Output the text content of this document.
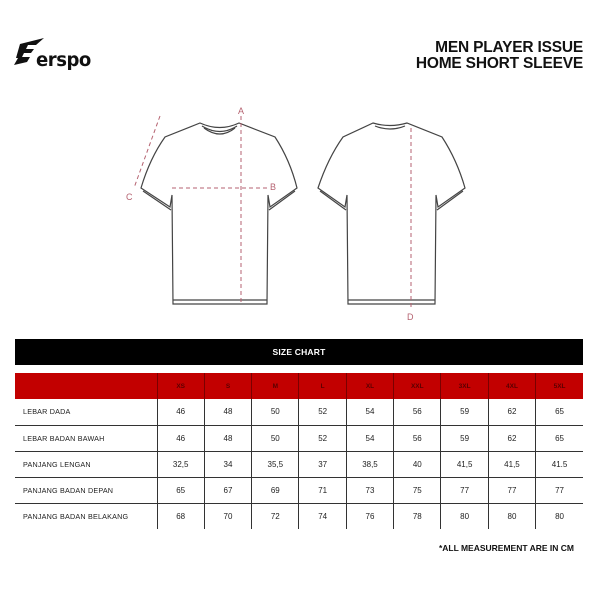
erspo
MEN PLAYER ISSUE
HOME SHORT SLEEVE
A
B
C
D
SIZE CHART
	XS	S	M	L	XL	XXL	3XL	4XL	5XL
LEBAR DADA	46	48	50	52	54	56	59	62	65
LEBAR BADAN BAWAH	46	48	50	52	54	56	59	62	65
PANJANG LENGAN	32,5	34	35,5	37	38,5	40	41,5	41,5	41.5
PANJANG BADAN DEPAN	65	67	69	71	73	75	77	77	77
PANJANG BADAN BELAKANG	68	70	72	74	76	78	80	80	80
*ALL MEASUREMENT ARE IN CM
